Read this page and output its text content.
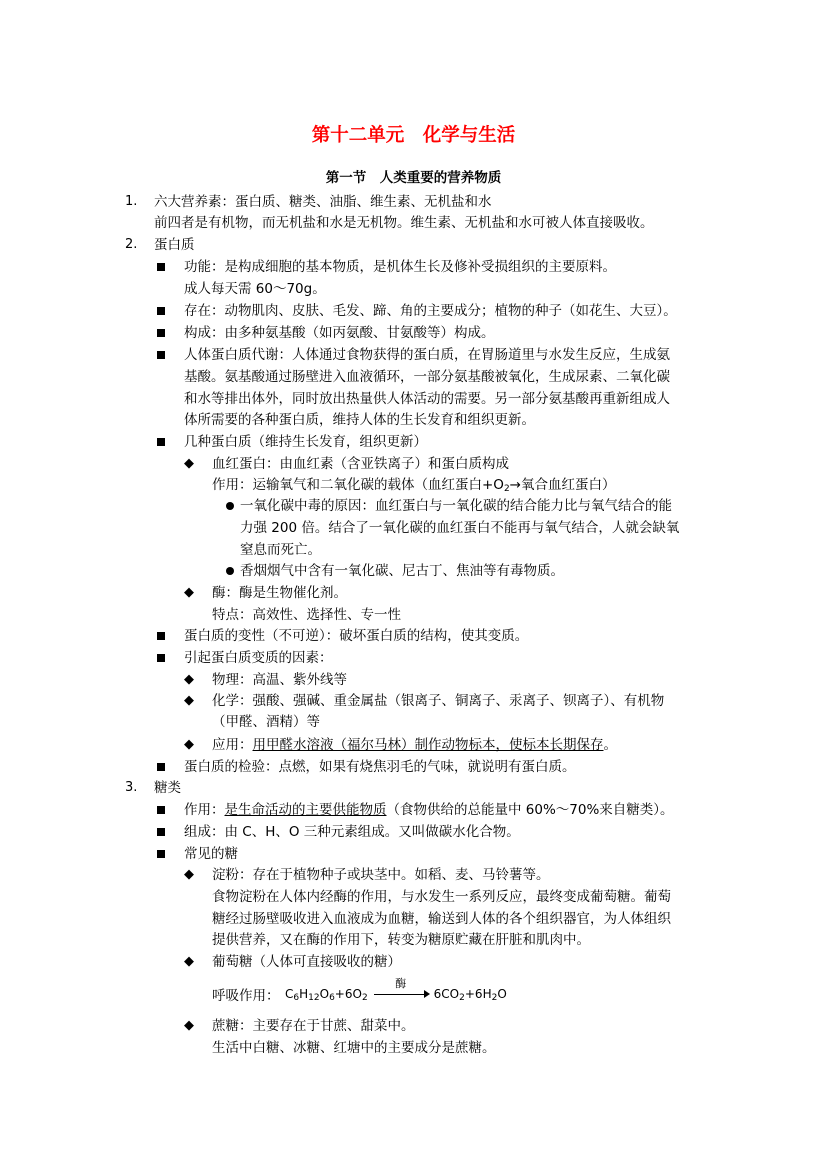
第十二单元　化学与生活
第一节　人类重要的营养物质
1. 六大营养素：蛋白质、糖类、油脂、维生素、无机盐和水
前四者是有机物，而无机盐和水是无机物。维生素、无机盐和水可被人体直接吸收。
2. 蛋白质
功能：是构成细胞的基本物质，是机体生长及修补受损组织的主要原料。
成人每天需 60～70g。
存在：动物肌肉、皮肤、毛发、蹄、角的主要成分；植物的种子（如花生、大豆）。
构成：由多种氨基酸（如丙氨酸、甘氨酸等）构成。
人体蛋白质代谢：人体通过食物获得的蛋白质，在胃肠道里与水发生反应，生成氨
基酸。氨基酸通过肠壁进入血液循环，一部分氨基酸被氧化，生成尿素、二氧化碳
和水等排出体外，同时放出热量供人体活动的需要。另一部分氨基酸再重新组成人
体所需要的各种蛋白质，维持人体的生长发育和组织更新。
几种蛋白质（维持生长发育，组织更新）
◆ 血红蛋白：由血红素（含亚铁离子）和蛋白质构成
作用：运输氧气和二氧化碳的载体（血红蛋白$+O_2\to$氧合血红蛋白）
一氧化碳中毒的原因：血红蛋白与一氧化碳的结合能力比与氧气结合的能
力强 200 倍。结合了一氧化碳的血红蛋白不能再与氧气结合，人就会缺氧
窒息而死亡。
香烟烟气中含有一氧化碳、尼古丁、焦油等有毒物质。
◆ 酶：酶是生物催化剂。
特点：高效性、选择性、专一性
蛋白质的变性（不可逆）：破坏蛋白质的结构，使其变质。
引起蛋白质变质的因素：
◆ 物理：高温、紫外线等
◆ 化学：强酸、强碱、重金属盐（银离子、铜离子、汞离子、钡离子）、有机物
（甲醛、酒精）等
◆ 应用：用甲醛水溶液（福尔马林）制作动物标本，使标本长期保存。
蛋白质的检验：点燃，如果有烧焦羽毛的气味，就说明有蛋白质。
3. 糖类
作用：是生命活动的主要供能物质（食物供给的总能量中 60%～70%来自糖类）。
组成：由 C、H、O 三种元素组成。又叫做碳水化合物。
常见的糖
◆ 淀粉：存在于植物种子或块茎中。如稻、麦、马铃薯等。
食物淀粉在人体内经酶的作用，与水发生一系列反应，最终变成葡萄糖。葡萄
糖经过肠壁吸收进入血液成为血糖，输送到人体的各个组织器官，为人体组织
提供营养，又在酶的作用下，转变为糖原贮藏在肝脏和肌肉中。
◆ 葡萄糖（人体可直接吸收的糖）
呼吸作用： $C_6H_{12}O_6+6O_2$
酶
$6CO_2+6H_2O$
◆ 蔗糖：主要存在于甘蔗、甜菜中。
生活中白糖、冰糖、红塘中的主要成分是蔗糖。
